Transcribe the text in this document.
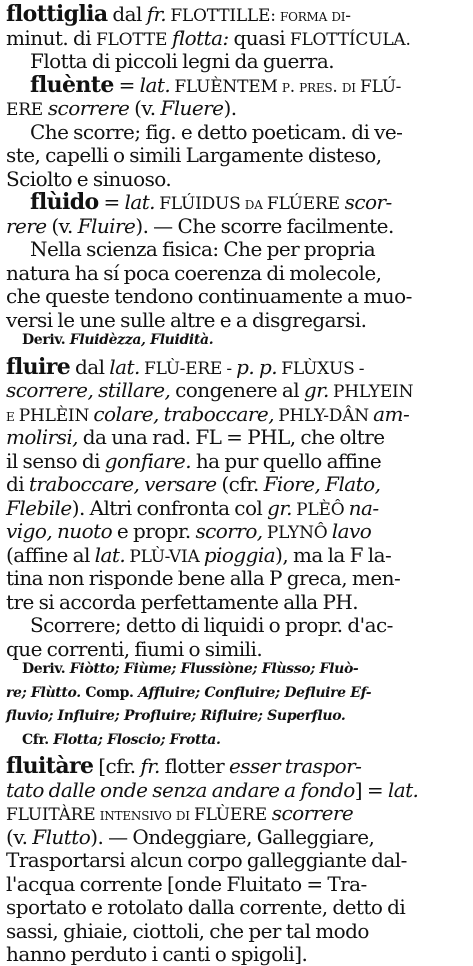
flottiglia dal fr. FLOTTILLE: forma di-
minut. di FLOTTE flotta: quasi FLOTTÍCULA.
Flotta di piccoli legni da guerra.
fluènte = lat. FLUÈNTEM p. pres. di FLÚ-
ERE scorrere (v. Fluere).
Che scorre; fig. e detto poeticam. di ve-
ste, capelli o simili Largamente disteso,
Sciolto e sinuoso.
flùido = lat. FLÚIDUS da FLÚERE scor-
rere (v. Fluire). — Che scorre facilmente.
Nella scienza fisica: Che per propria
natura ha sí poca coerenza di molecole,
che queste tendono continuamente a muo-
versi le une sulle altre e a disgregarsi.
Deriv. Fluidèzza, Fluidità.
fluire dal lat. FLÙ-ERE - p. p. FLÙXUS -
scorrere, stillare, congenere al gr. PHLYEIN
e PHLÈIN colare, traboccare, PHLY-DÂN am-
molirsi, da una rad. FL = PHL, che oltre
il senso di gonfiare. ha pur quello affine
di traboccare, versare (cfr. Fiore, Flato,
Flebile). Altri confronta col gr. PLÈÔ na-
vigo, nuoto e propr. scorro, PLYNÔ lavo
(affine al lat. PLÙ-VIA pioggia), ma la F la-
tina non risponde bene alla P greca, men-
tre si accorda perfettamente alla PH.
Scorrere; detto di liquidi o propr. d'ac-
que correnti, fiumi o simili.
Deriv. Fiòtto; Fiùme; Flussiòne; Flùsso; Fluò-
re; Flùtto. Comp. Affluire; Confluire; Defluire Ef-
fluvio; Influire; Profluire; Rifluire; Superfluo.
Cfr. Flotta; Floscio; Frotta.
fluitàre [cfr. fr. flotter esser traspor-
tato dalle onde senza andare a fondo] = lat.
FLUITÀRE intensivo di FLÙERE scorrere
(v. Flutto). — Ondeggiare, Galleggiare,
Trasportarsi alcun corpo galleggiante dal-
l'acqua corrente [onde Fluitato = Tra-
sportato e rotolato dalla corrente, detto di
sassi, ghiaie, ciottoli, che per tal modo
hanno perduto i canti o spigoli].
